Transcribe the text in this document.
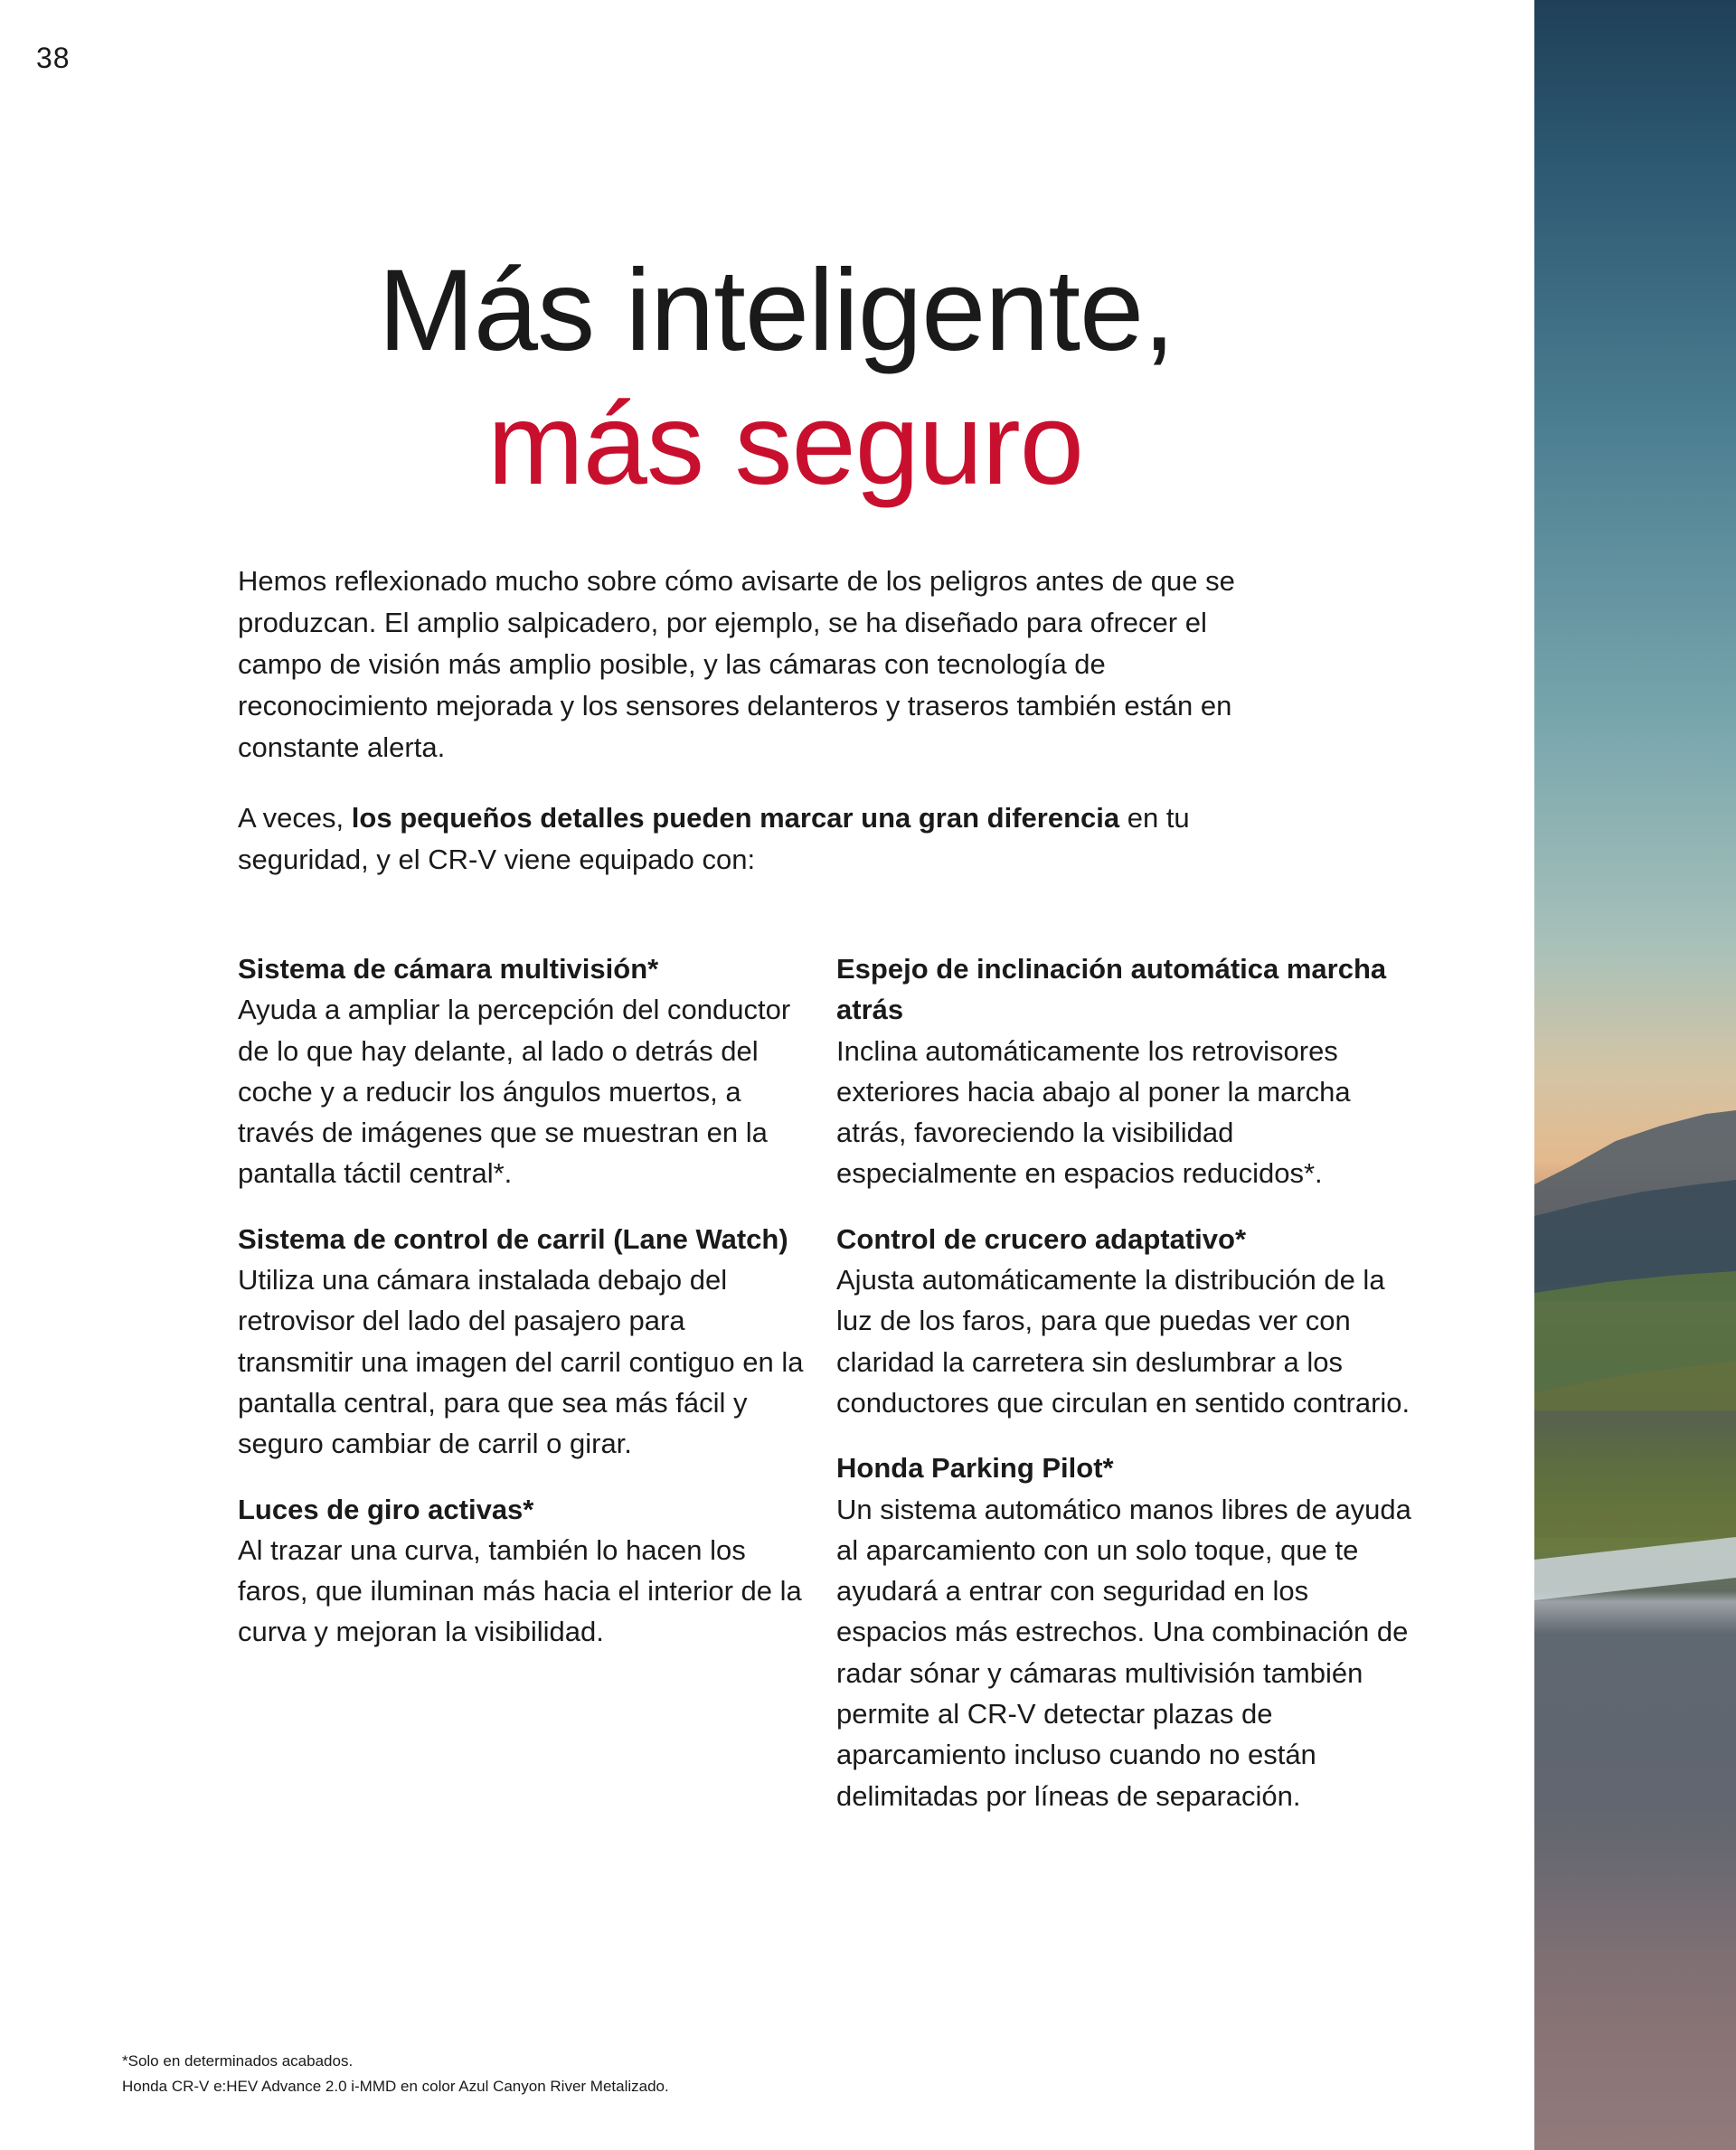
38
Más inteligente,
más seguro

Hemos reflexionado mucho sobre cómo avisarte de los peligros antes de que se produzcan. El amplio salpicadero, por ejemplo, se ha diseñado para ofrecer el campo de visión más amplio posible, y las cámaras con tecnología de reconocimiento mejorada y los sensores delanteros y traseros también están en constante alerta.

A veces, los pequeños detalles pueden marcar una gran diferencia en tu seguridad, y el CR-V viene equipado con:

Sistema de cámara multivisión*
Ayuda a ampliar la percepción del conductor de lo que hay delante, al lado o detrás del coche y a reducir los ángulos muertos, a través de imágenes que se muestran en la pantalla táctil central*.
Sistema de control de carril (Lane Watch)
Utiliza una cámara instalada debajo del retrovisor del lado del pasajero para transmitir una imagen del carril contiguo en la pantalla central, para que sea más fácil y seguro cambiar de carril o girar.
Luces de giro activas*
Al trazar una curva, también lo hacen los faros, que iluminan más hacia el interior de la curva y mejoran la visibilidad.
Espejo de inclinación automática marcha atrás
Inclina automáticamente los retrovisores exteriores hacia abajo al poner la marcha atrás, favoreciendo la visibilidad especialmente en espacios reducidos*.
Control de crucero adaptativo*
Ajusta automáticamente la distribución de la luz de los faros, para que puedas ver con claridad la carretera sin deslumbrar a los conductores que circulan en sentido contrario.
Honda Parking Pilot*
Un sistema automático manos libres de ayuda al aparcamiento con un solo toque, que te ayudará a entrar con seguridad en los espacios más estrechos. Una combinación de radar sónar y cámaras multivisión también permite al CR-V detectar plazas de aparcamiento incluso cuando no están delimitadas por líneas de separación.
*Solo en determinados acabados.
Honda CR-V e:HEV Advance 2.0 i-MMD en color Azul Canyon River Metalizado.
